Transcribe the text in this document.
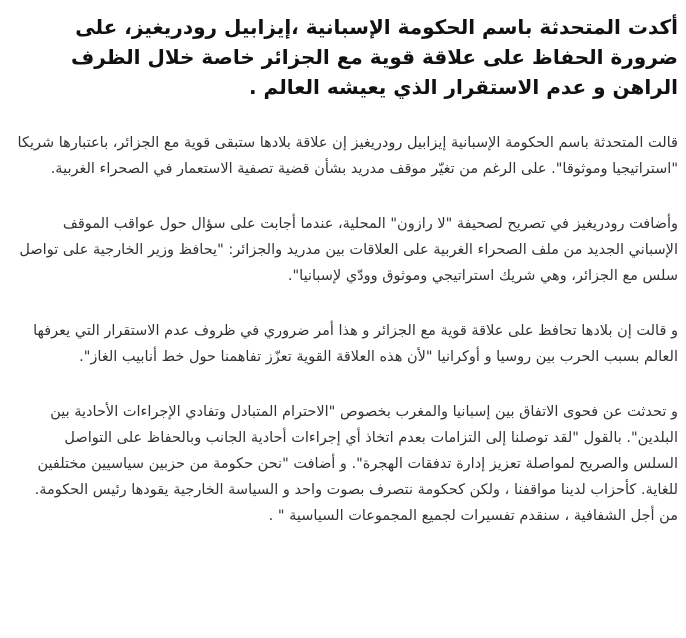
أكدت المتحدثة باسم الحكومة الإسبانية ،إيزابيل رودريغيز، على ضرورة الحفاظ على علاقة قوية مع الجزائر خاصة خلال الظرف الراهن و عدم الاستقرار الذي يعيشه العالم .

قالت المتحدثة باسم الحكومة الإسبانية إيزابيل رودريغيز إن علاقة بلادها ستبقى قوية مع الجزائر، باعتبارها شريكا "استراتيجيا وموثوقا". على الرغم من تغيّر موقف مدريد بشأن قضية تصفية الاستعمار في الصحراء الغربية.

وأضافت رودريغيز في تصريح لصحيفة "لا رازون" المحلية، عندما أجابت على سؤال حول عواقب الموقف الإسباني الجديد من ملف الصحراء الغربية على العلاقات بين مدريد والجزائر: "يحافظ وزير الخارجية على تواصل سلس مع الجزائر، وهي شريك استراتيجي وموثوق وودّي لإسبانيا".

و قالت إن بلادها تحافظ على علاقة قوية مع الجزائر و هذا أمر ضروري في ظروف عدم الاستقرار التي يعرفها العالم بسبب الحرب بين روسيا و أوكرانيا "لأن هذه العلاقة القوية تعزّز تفاهمنا حول خط أنابيب الغاز".

و تحدثت عن فحوى الاتفاق بين إسبانيا والمغرب بخصوص "الاحترام المتبادل وتفادي الإجراءات الأحادية بين البلدين". بالقول "لقد توصلنا إلى التزامات بعدم اتخاذ أي إجراءات أحادية الجانب وبالحفاظ على التواصل السلس والصريح لمواصلة تعزيز إدارة تدفقات الهجرة". و أضافت "نحن حكومة من حزبين سياسيين مختلفين للغاية. كأحزاب لدينا مواقفنا ، ولكن كحكومة نتصرف بصوت واحد و السياسة الخارجية يقودها رئيس الحكومة. من أجل الشفافية ، سنقدم تفسيرات لجميع المجموعات السياسية " .
